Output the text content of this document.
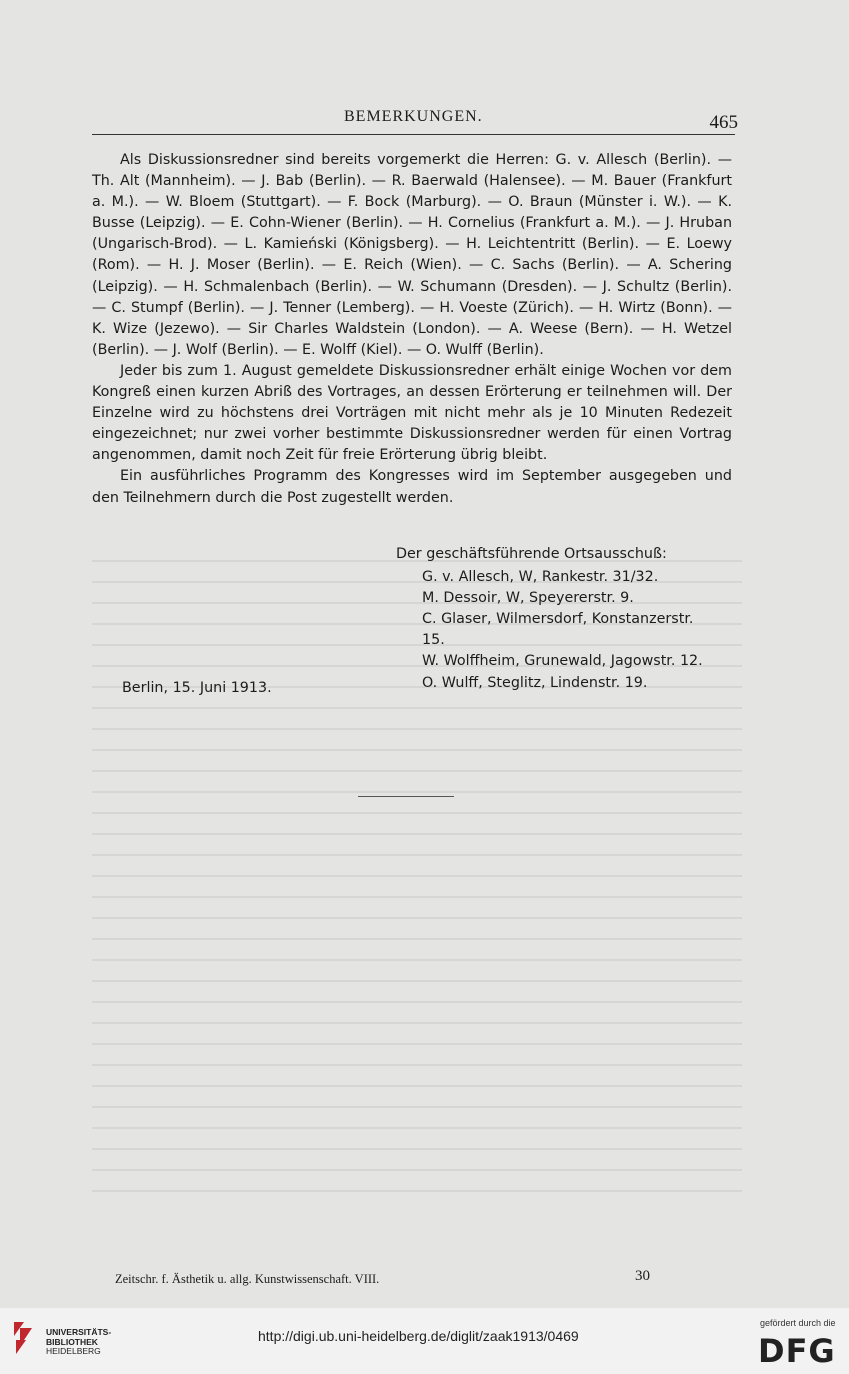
BEMERKUNGEN.	465

Als Diskussionsredner sind bereits vorgemerkt die Herren: G. v. Allesch (Berlin). — Th. Alt (Mannheim). — J. Bab (Berlin). — R. Baerwald (Halensee). — M. Bauer (Frankfurt a. M.). — W. Bloem (Stuttgart). — F. Bock (Marburg). — O. Braun (Münster i. W.). — K. Busse (Leipzig). — E. Cohn-Wiener (Berlin). — H. Cornelius (Frankfurt a. M.). — J. Hruban (Ungarisch-Brod). — L. Kamieński (Königsberg). — H. Leichtentritt (Berlin). — E. Loewy (Rom). — H. J. Moser (Berlin). — E. Reich (Wien). — C. Sachs (Berlin). — A. Schering (Leipzig). — H. Schmalenbach (Berlin). — W. Schumann (Dresden). — J. Schultz (Berlin). — C. Stumpf (Berlin). — J. Tenner (Lemberg). — H. Voeste (Zürich). — H. Wirtz (Bonn). — K. Wize (Jezewo). — Sir Charles Waldstein (London). — A. Weese (Bern). — H. Wetzel (Berlin). — J. Wolf (Berlin). — E. Wolff (Kiel). — O. Wulff (Berlin).

Jeder bis zum 1. August gemeldete Diskussionsredner erhält einige Wochen vor dem Kongreß einen kurzen Abriß des Vortrages, an dessen Erörterung er teilnehmen will. Der Einzelne wird zu höchstens drei Vorträgen mit nicht mehr als je 10 Minuten Redezeit eingezeichnet; nur zwei vorher bestimmte Diskussionsredner werden für einen Vortrag angenommen, damit noch Zeit für freie Erörterung übrig bleibt.

Ein ausführliches Programm des Kongresses wird im September ausgegeben und den Teilnehmern durch die Post zugestellt werden.

Der geschäftsführende Ortsausschuß:

G. v. Allesch, W, Rankestr. 31/32.
M. Dessoir, W, Speyererstr. 9.
C. Glaser, Wilmersdorf, Konstanzerstr. 15.
W. Wolffheim, Grunewald, Jagowstr. 12.
O. Wulff, Steglitz, Lindenstr. 19.
Berlin, 15. Juni 1913.
Zeitschr. f. Ästhetik u. allg. Kunstwissenschaft. VIII.	30
UNIVERSITÄTS-
BIBLIOTHEK
HEIDELBERG
http://digi.ub.uni-heidelberg.de/diglit/zaak1913/0469
gefördert durch die
DFG
